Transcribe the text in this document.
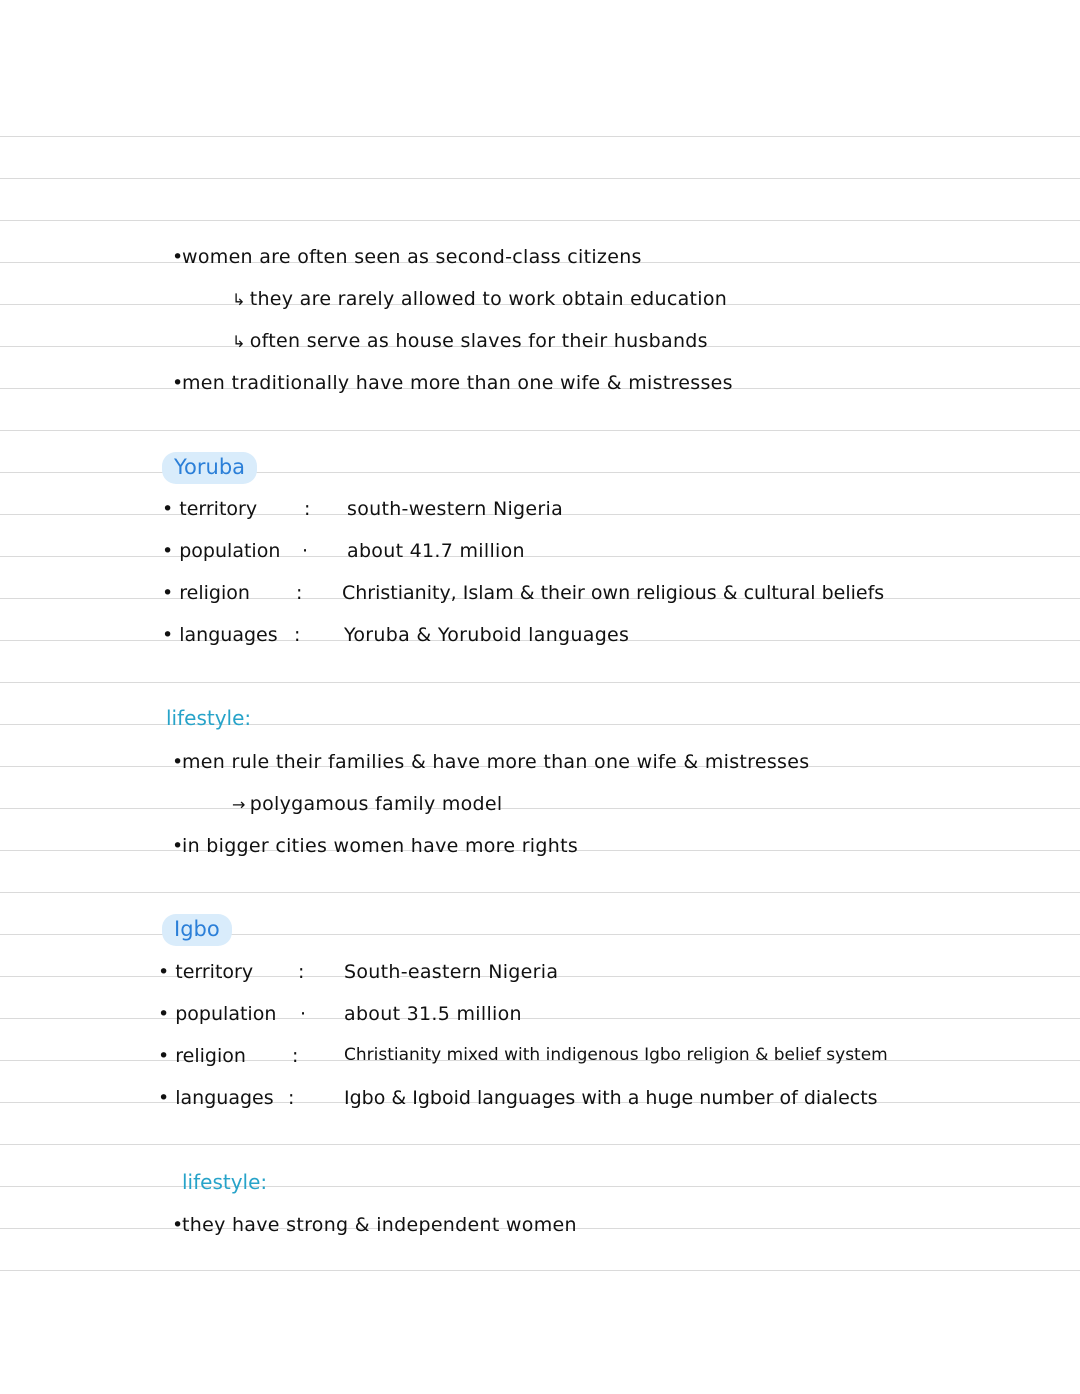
•women are often seen as second-class citizens
↳ they are rarely allowed to work obtain education
↳ often serve as house slaves for their husbands
•men traditionally have more than one wife & mistresses
Yoruba
• territory : south-western Nigeria
• population · about 41.7 million
• religion : Christianity, Islam & their own religious & cultural beliefs
• languages : Yoruba & Yoruboid languages
lifestyle:
•men rule their families & have more than one wife & mistresses
→ polygamous family model
•in bigger cities women have more rights
Igbo
• territory : South-eastern Nigeria
• population · about 31.5 million
• religion :	Christianity mixed with indigenous Igbo religion & belief system
• languages :	Igbo & Igboid languages with a huge number of dialects
lifestyle:
•they have strong & independent women
